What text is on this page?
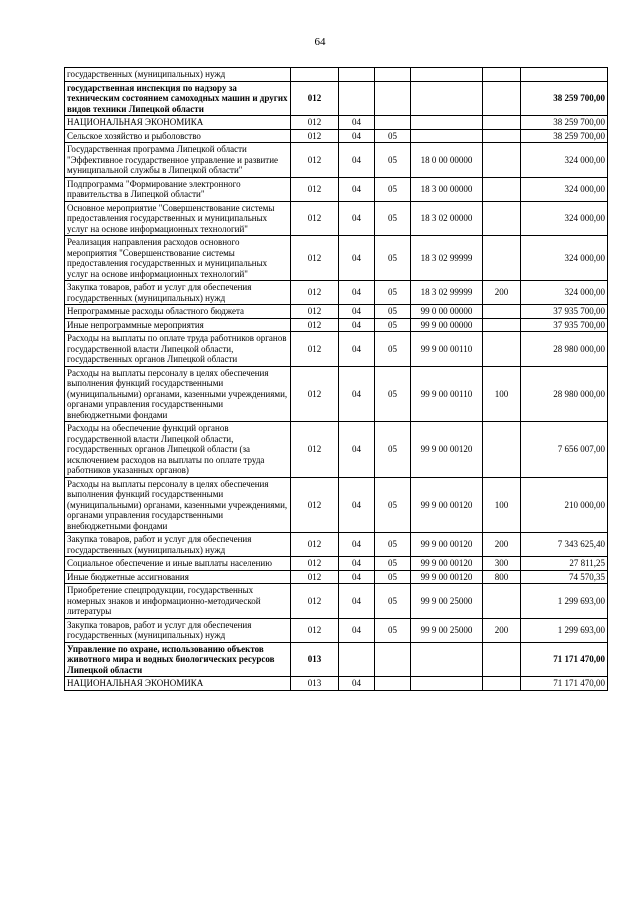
64
государственных (муниципальных) нужд						
государственная инспекция по надзору за техническим состоянием самоходных машин и других видов техники Липецкой области	012					38 259 700,00
НАЦИОНАЛЬНАЯ ЭКОНОМИКА	012	04				38 259 700,00
Сельское хозяйство и рыболовство	012	04	05			38 259 700,00
Государственная программа Липецкой области "Эффективное государственное управление и развитие муниципальной службы в Липецкой области"	012	04	05	18 0 00 00000		324 000,00
Подпрограмма "Формирование электронного правительства в Липецкой области"	012	04	05	18 3 00 00000		324 000,00
Основное мероприятие "Совершенствование системы предоставления государственных и муниципальных услуг на основе информационных технологий"	012	04	05	18 3 02 00000		324 000,00
Реализация направления расходов основного мероприятия "Совершенствование системы предоставления государственных и муниципальных услуг на основе информационных технологий"	012	04	05	18 3 02 99999		324 000,00
Закупка товаров, работ и услуг для обеспечения государственных (муниципальных) нужд	012	04	05	18 3 02 99999	200	324 000,00
Непрограммные расходы областного бюджета	012	04	05	99 0 00 00000		37 935 700,00
Иные непрограммные мероприятия	012	04	05	99 9 00 00000		37 935 700,00
Расходы на выплаты по оплате труда работников органов государственной власти Липецкой области, государственных органов Липецкой области	012	04	05	99 9 00 00110		28 980 000,00
Расходы на выплаты персоналу в целях обеспечения выполнения функций государственными (муниципальными) органами, казенными учреждениями, органами управления государственными внебюджетными фондами	012	04	05	99 9 00 00110	100	28 980 000,00
Расходы на обеспечение функций органов государственной власти Липецкой области, государственных органов Липецкой области (за исключением расходов на выплаты по оплате труда работников указанных органов)	012	04	05	99 9 00 00120		7 656 007,00
Расходы на выплаты персоналу в целях обеспечения выполнения функций государственными (муниципальными) органами, казенными учреждениями, органами управления государственными внебюджетными фондами	012	04	05	99 9 00 00120	100	210 000,00
Закупка товаров, работ и услуг для обеспечения государственных (муниципальных) нужд	012	04	05	99 9 00 00120	200	7 343 625,40
Социальное обеспечение и иные выплаты населению	012	04	05	99 9 00 00120	300	27 811,25
Иные бюджетные ассигнования	012	04	05	99 9 00 00120	800	74 570,35
Приобретение спецпродукции, государственных номерных знаков и информационно-методической литературы	012	04	05	99 9 00 25000		1 299 693,00
Закупка товаров, работ и услуг для обеспечения государственных (муниципальных) нужд	012	04	05	99 9 00 25000	200	1 299 693,00
Управление по охране, использованию объектов животного мира и водных биологических ресурсов Липецкой области	013					71 171 470,00
НАЦИОНАЛЬНАЯ ЭКОНОМИКА	013	04				71 171 470,00
